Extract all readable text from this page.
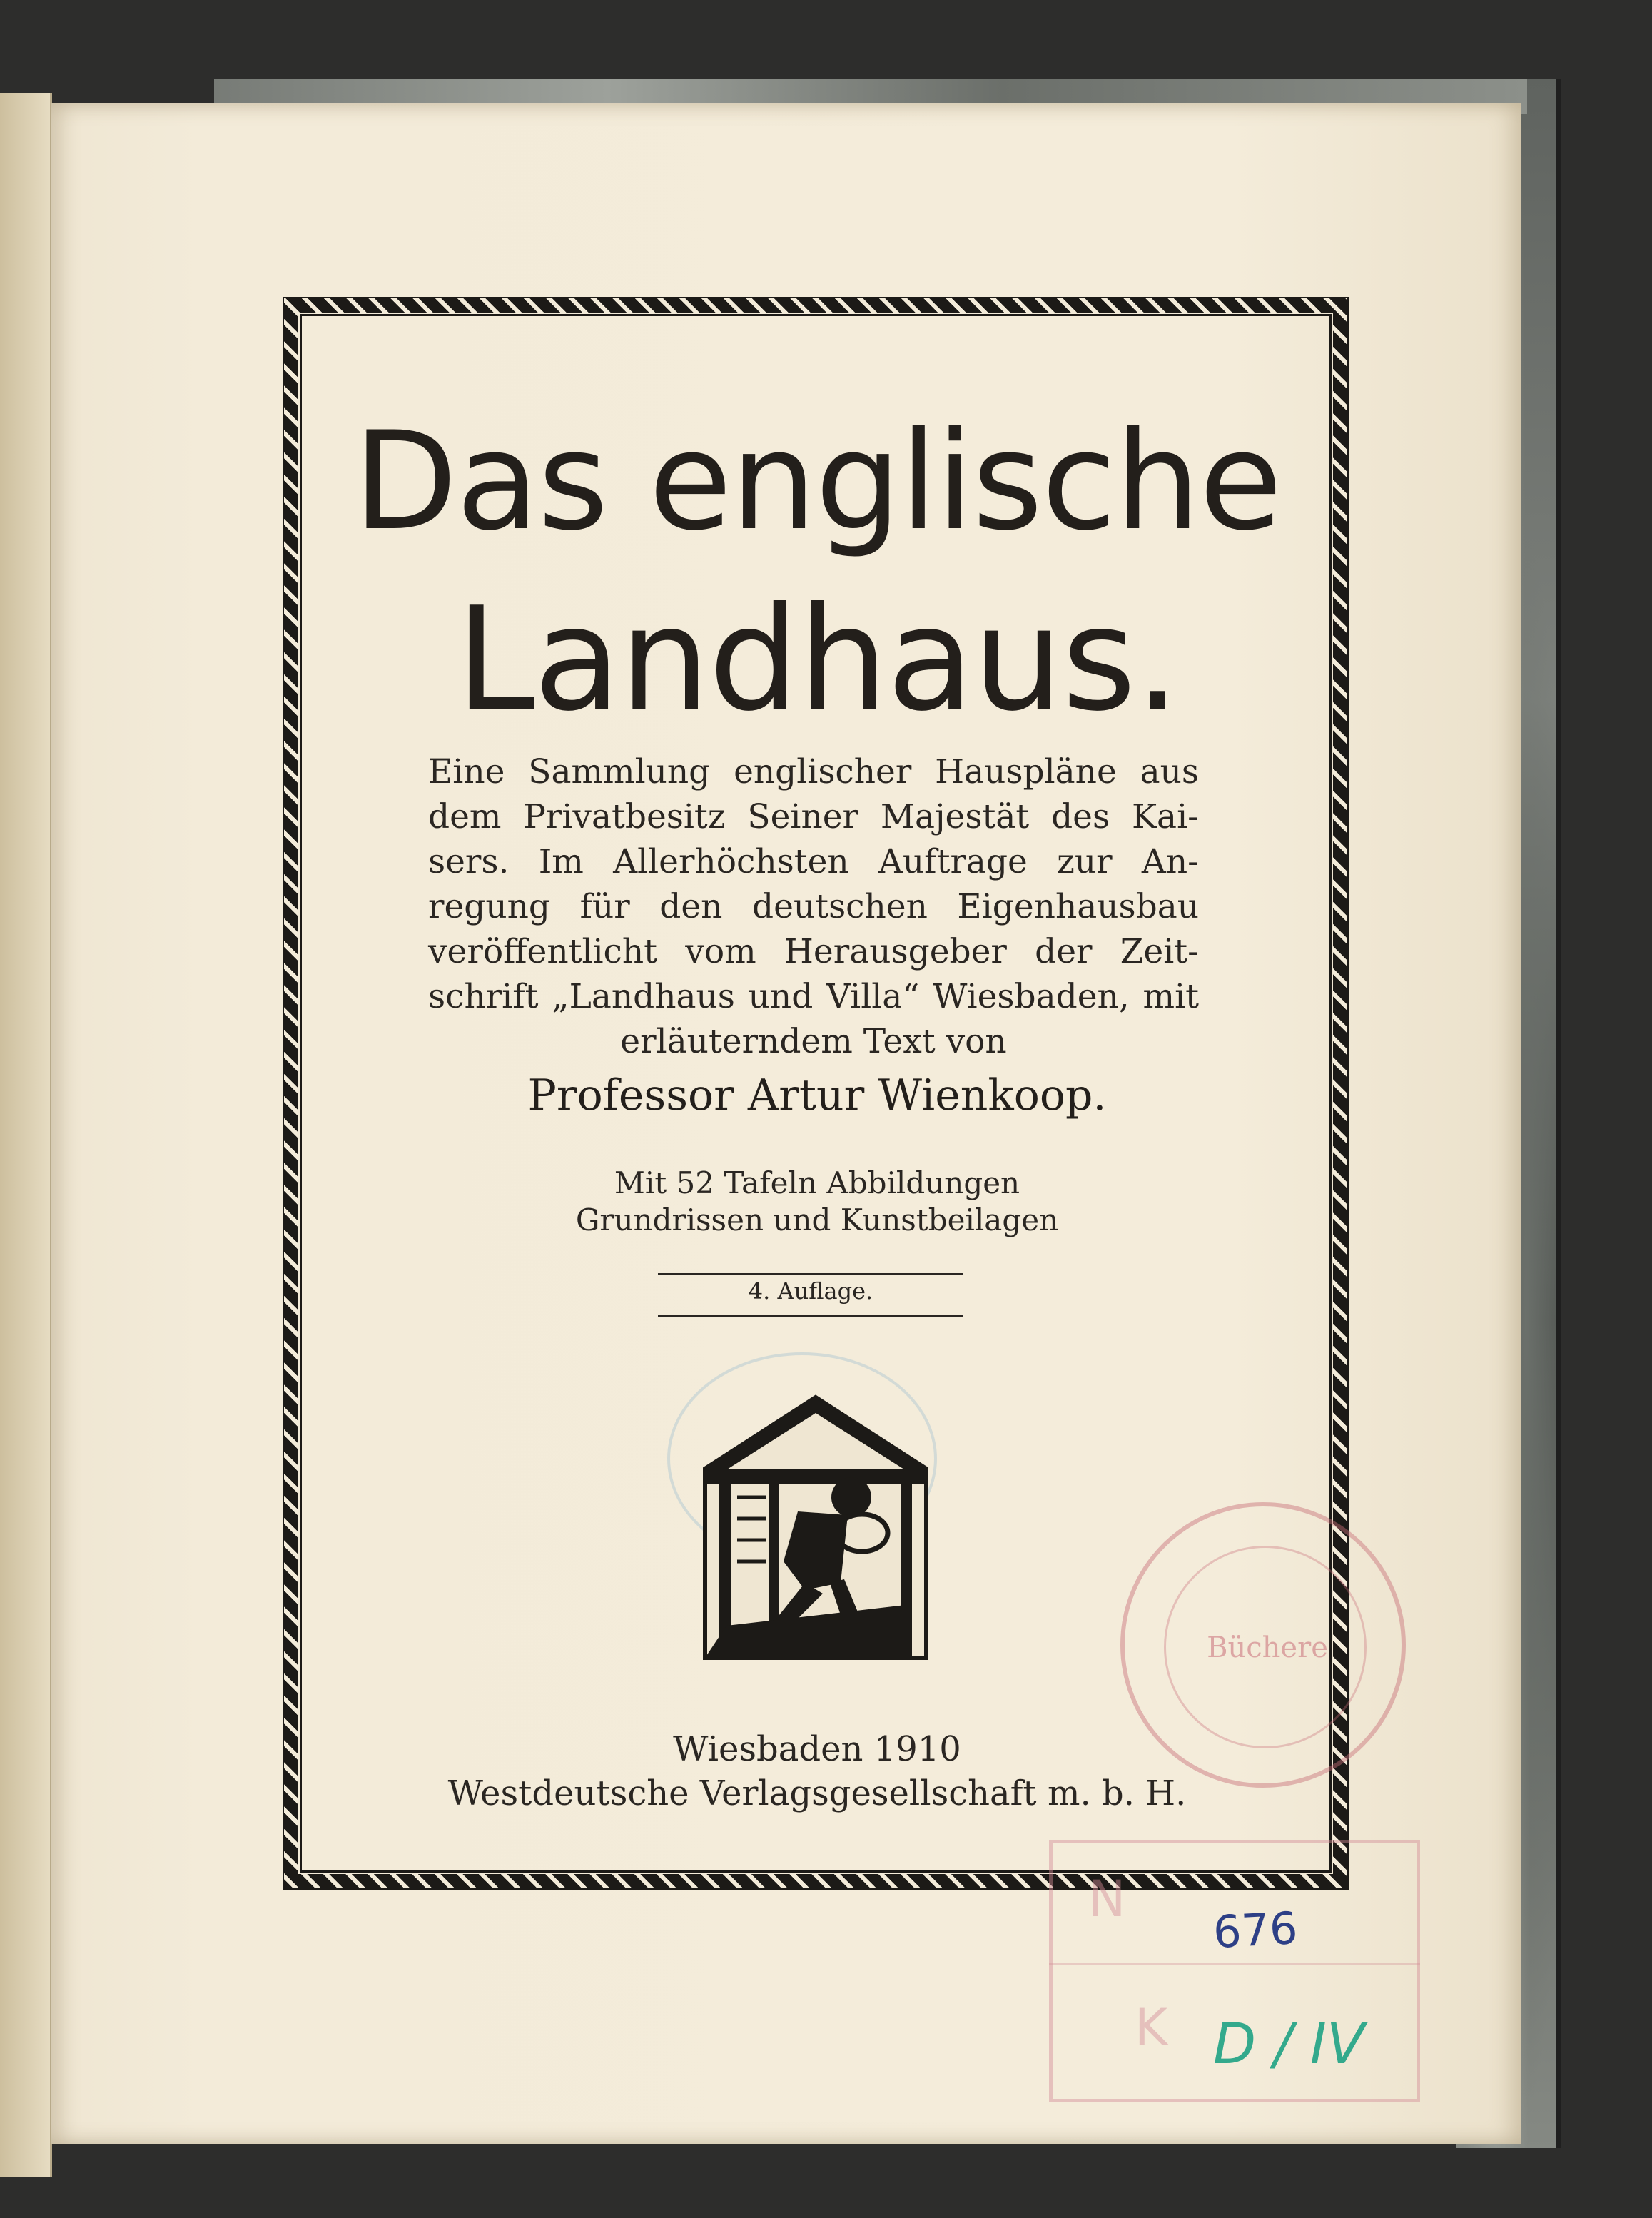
Das englische
Landhaus.

Eine Sammlung englischer Hauspläne aus dem Privatbesitz Seiner Majestät des Kai- sers. Im Allerhöchsten Auftrage zur An- regung für den deutschen Eigenhausbau veröffentlicht vom Herausgeber der Zeit- schrift „Landhaus und Villa“ Wiesbaden, mit erläuterndem Text von

Professor Artur Wienkoop.

Mit 52 Tafeln Abbildungen
Grundrissen und Kunstbeilagen
4. Auflage.
Wiesbaden 1910
Westdeutsche Verlagsgesellschaft m. b. H.
Büchere
N
K
676
D / IV
